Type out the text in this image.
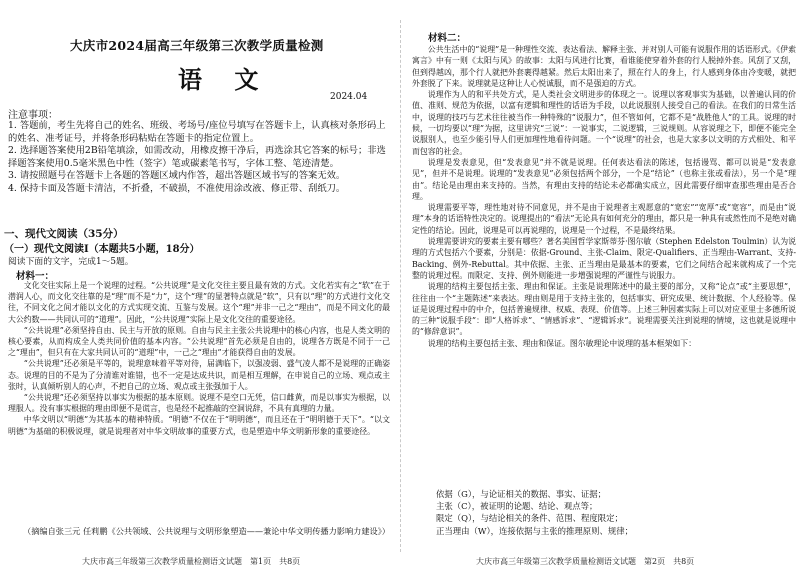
大庆市2024届高三年级第三次教学质量检测
语 文
2024.04
注意事项：

1. 答题前，考生先将自己的姓名、班级、考场号/座位号填写在答题卡上，认真核对条形码上的姓名、准考证号，并将条形码粘贴在答题卡的指定位置上。

2. 选择题答案使用2B铅笔填涂，如需改动，用橡皮擦干净后，再选涂其它答案的标号；非选择题答案使用0.5毫米黑色中性（签字）笔或碳素笔书写，字体工整、笔迹清楚。

3. 请按照题号在答题卡上各题的答题区域内作答，超出答题区域书写的答案无效。

4. 保持卡面及答题卡清洁，不折叠，不破损，不准使用涂改液、修正带、刮纸刀。

一、现代文阅读（35分）
（一）现代文阅读Ⅰ（本题共5小题，18分）
阅读下面的文字，完成1～5题。
材料一：

文化交往实际上是一个说理的过程。“公共说理”是文化交往主要且最有效的方式。文化若实有之“软”在于潜润人心，而文化交往靠的是“理”而不是“力”，这个“理”的显著特点就是“软”，只有以“理”的方式进行文化交往，不同文化之间才能以文化的方式实现交流、互鉴与发展。这个“理”并非一己之“理由”，而是不同文化的最大公约数——共同认可的“道理”。因此，“公共说理”实际上是文化交往的重要途径。

“公共说理”必须坚持自由、民主与开放的原则。自由与民主主张公共说理中的核心内容，也是人类文明的核心要素，从而构成全人类共同价值的基本内容。“公共说理”首先必须是自由的，说理各方既是不同于一己之“理由”，但只有在大家共同认可的“道理”中，一己之“理由”才能获得自由的发展。

“公共说理”还必须是平等的，说理意味着平等对待，届满临下，以强凌弱、盛气凌人都不是说理的正确姿态。说理的目的不是为了分清谁对谁错，也不一定是达成共识，而是相互理解，在申说自己的立场、观点或主张时，认真倾听别人的心声，不把自己的立场、观点或主张强加于人。

“公共说理”还必须坚持以事实为根据的基本原则。说理不是空口无凭，信口雌黄，而是以事实为根据，以理服人。没有事实根据的理由即便不是谎言，也是经不起推敲的空洞说辞，不具有真理的力量。

中华文明以“明德”为其基本的精神特质。“明德”不仅在于“明明德”，而且还在于“明明德于天下”。“以文明德”为基础的积极说理，就是说理者对中华文明故事的重要方式，也是塑造中华文明新形象的重要途径。

（摘编自张三元 任莉鹏《公共领域、公共说理与文明形象塑造——兼论中华文明传播力影响力建设》）
大庆市高三年级第三次教学质量检测语文试题　第1页　共8页
材料二：

公共生活中的“说理”是一种理性交流、表达看法、解释主张、并对别人可能有说服作用的话语形式。《伊索寓言》中有一则《太阳与风》的故事：太阳与风进行比赛，看谁能使穿着外套的行人脱掉外套。风刮了又刮，但到得越凶，那个行人就把外套裹得越紧。然后太阳出来了，照在行人的身上，行人感到身体由冷变暖，就把外套脱了下来。说理就是这种让人心悦诚服，而不是强迫的方式。

说理作为人的和平共处方式，是人类社会文明进步的体现之一。说理以客观事实为基础，以普遍认同的价值、准则、规范为依据，以富有逻辑和理性的话语为手段，以此说服别人接受自己的看法。在我们的日常生活中，说理的技巧与艺术往往被当作一种特殊的“说服力”，但不管如何，它都不是“战胜他人”的工具。说理的时候，一切均要以“理”为据，这里讲究“三说”：一说事实，二说逻辑，三说规则。从容说理之下，即便不能完全说服别人，也至少能引导人们更加理性地看待问题。一个“说理”的社会，也是大家多以文明的方式相处、和平而包容的社会。

说理是发表意见，但“发表意见”并不就是说理。任何表达看法的陈述，包括谩骂、都可以说是“发表意见”，但并不是说理。说理的“发表意见”必须包括两个部分，一个是“结论”（也称主张或看法），另一个是“理由”。结论是由理由来支持的。当然，有理由支持的结论未必都确实成立，因此需要仔细审查那些理由是否合理。

说理需要平等，理性地对待不同意见，并不是由于说理者主观愿意的“宽宏”“宽厚”或“宽容”，而是由“说理”本身的话语特性决定的。说理提出的“看法”无论具有如何充分的理由，都只是一种具有或然性而不是绝对确定性的结论。因此，说理是可以再说理的，说理是一个过程，不是最终结果。

说理需要讲究的要素主要有哪些？著名美国哲学家斯蒂芬·图尔敏（Stephen Edelston Toulmin）认为说理的方式包括六个要素，分别是：依据-Ground、主张-Claim、限定-Qualifiers、正当理由-Warrant、支持-Backing、例外-Rebuttal。其中依据、主张、正当理由是最基本的要素，它们之间结合起来就构成了一个完整的说理过程。而限定、支持、例外则能进一步增强说理的严谨性与说服力。

说理的结构主要包括主张、理由和保证。主张是说理陈述中的最主要的部分，又称“论点”或“主要思想”，往往由一个“主题陈述”来表达。理由则是用于支持主张的，包括事实、研究成果、统计数据、个人经验等。保证是说理过程中的中介，包括普遍规律、权威、表现、价值等。上述三种因素实际上可以对应亚里士多德所说的三种“说服手段”：即“人格诉求”、“情感诉求”、“逻辑诉求”。说理需要关注到说理的情境，这也就是说理中的“修辞意识”。

说理的结构主要包括主张、理由和保证。图尔敏理论中说理的基本框架如下：

依据（G），与论证相关的数据、事实、证据；

主张（C），被证明的论题、结论、观点等；

限定（Q），与结论相关的条件、范围、程度限定；

正当理由（W），连接依据与主张的推理原则、规律；

大庆市高三年级第三次教学质量检测语文试题　第2页　共8页
